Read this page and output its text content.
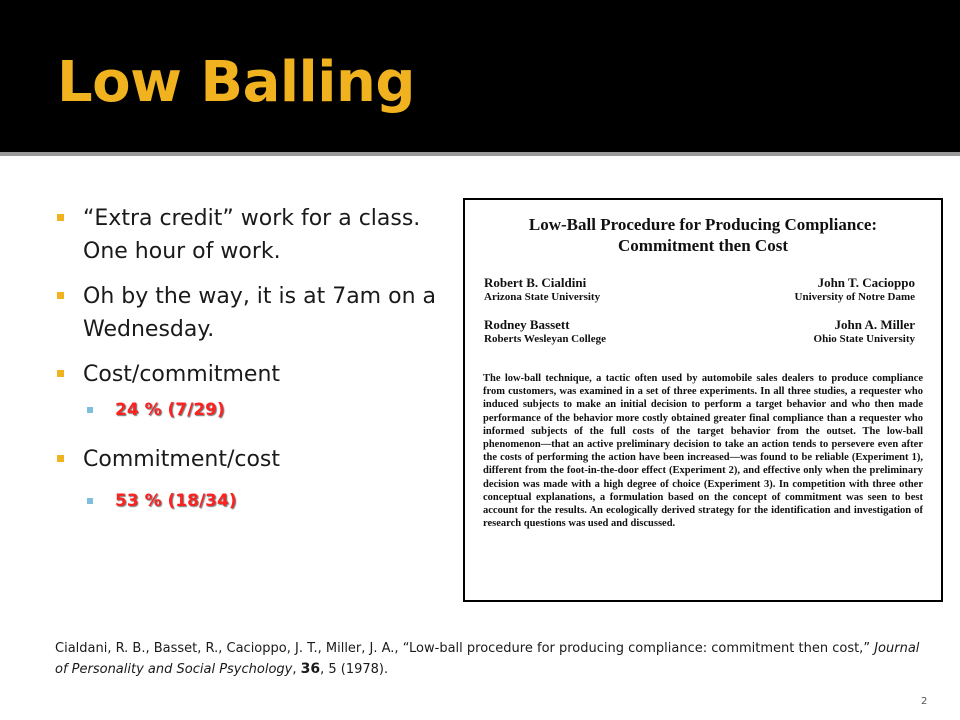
Low Balling
“Extra credit” work for a class. One hour of work.
Oh by the way, it is at 7am on a Wednesday.
Cost/commitment
24 % (7/29)
Commitment/cost
53 % (18/34)
Low-Ball Procedure for Producing Compliance:
Commitment then Cost
Robert B. Cialdini
Arizona State University
John T. Cacioppo
University of Notre Dame
Rodney Bassett
Roberts Wesleyan College
John A. Miller
Ohio State University
The low-ball technique, a tactic often used by automobile sales dealers to produce compliance from customers, was examined in a set of three experiments. In all three studies, a requester who induced subjects to make an initial decision to perform a target behavior and who then made performance of the behavior more costly obtained greater final compliance than a requester who informed subjects of the full costs of the target behavior from the outset. The low-ball phenomenon—that an active preliminary decision to take an action tends to persevere even after the costs of performing the action have been increased—was found to be reliable (Experiment 1), different from the foot-in-the-door effect (Experiment 2), and effective only when the preliminary decision was made with a high degree of choice (Experiment 3). In competition with three other conceptual explanations, a formulation based on the concept of commitment was seen to best account for the results. An ecologically derived strategy for the identification and investigation of research questions was used and discussed.
Cialdani, R. B., Basset, R., Cacioppo, J. T., Miller, J. A., “Low-ball procedure for producing compliance: commitment then cost,” Journal of Personality and Social Psychology, 36, 5 (1978).
2
